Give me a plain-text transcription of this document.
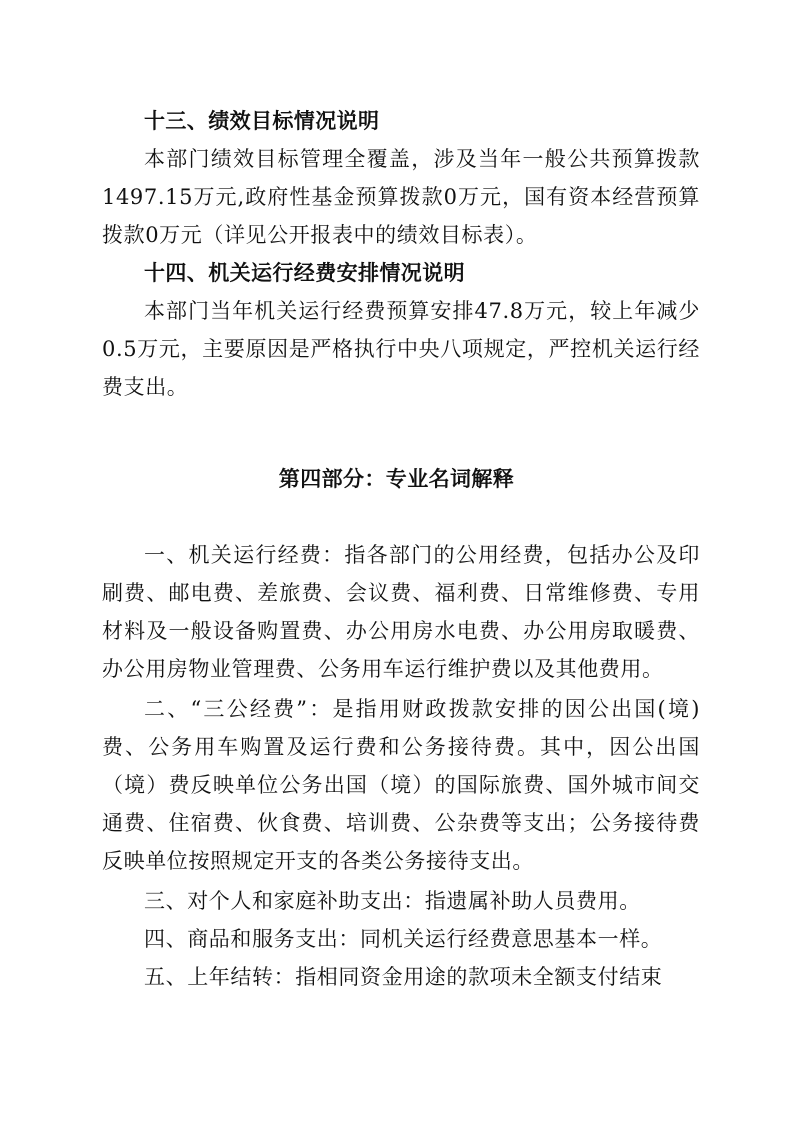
十三、绩效目标情况说明

本部门绩效目标管理全覆盖，涉及当年一般公共预算拨款1497.15万元,政府性基金预算拨款0万元，国有资本经营预算拨款0万元（详见公开报表中的绩效目标表）。

十四、机关运行经费安排情况说明

本部门当年机关运行经费预算安排47.8万元，较上年减少0.5万元，主要原因是严格执行中央八项规定，严控机关运行经费支出。

第四部分：专业名词解释

一、机关运行经费：指各部门的公用经费，包括办公及印刷费、邮电费、差旅费、会议费、福利费、日常维修费、专用材料及一般设备购置费、办公用房水电费、办公用房取暖费、办公用房物业管理费、公务用车运行维护费以及其他费用。

二、“三公经费”：是指用财政拨款安排的因公出国(境)费、公务用车购置及运行费和公务接待费。其中，因公出国（境）费反映单位公务出国（境）的国际旅费、国外城市间交通费、住宿费、伙食费、培训费、公杂费等支出；公务接待费反映单位按照规定开支的各类公务接待支出。

三、对个人和家庭补助支出：指遗属补助人员费用。

四、商品和服务支出：同机关运行经费意思基本一样。

五、上年结转：指相同资金用途的款项未全额支付结束
